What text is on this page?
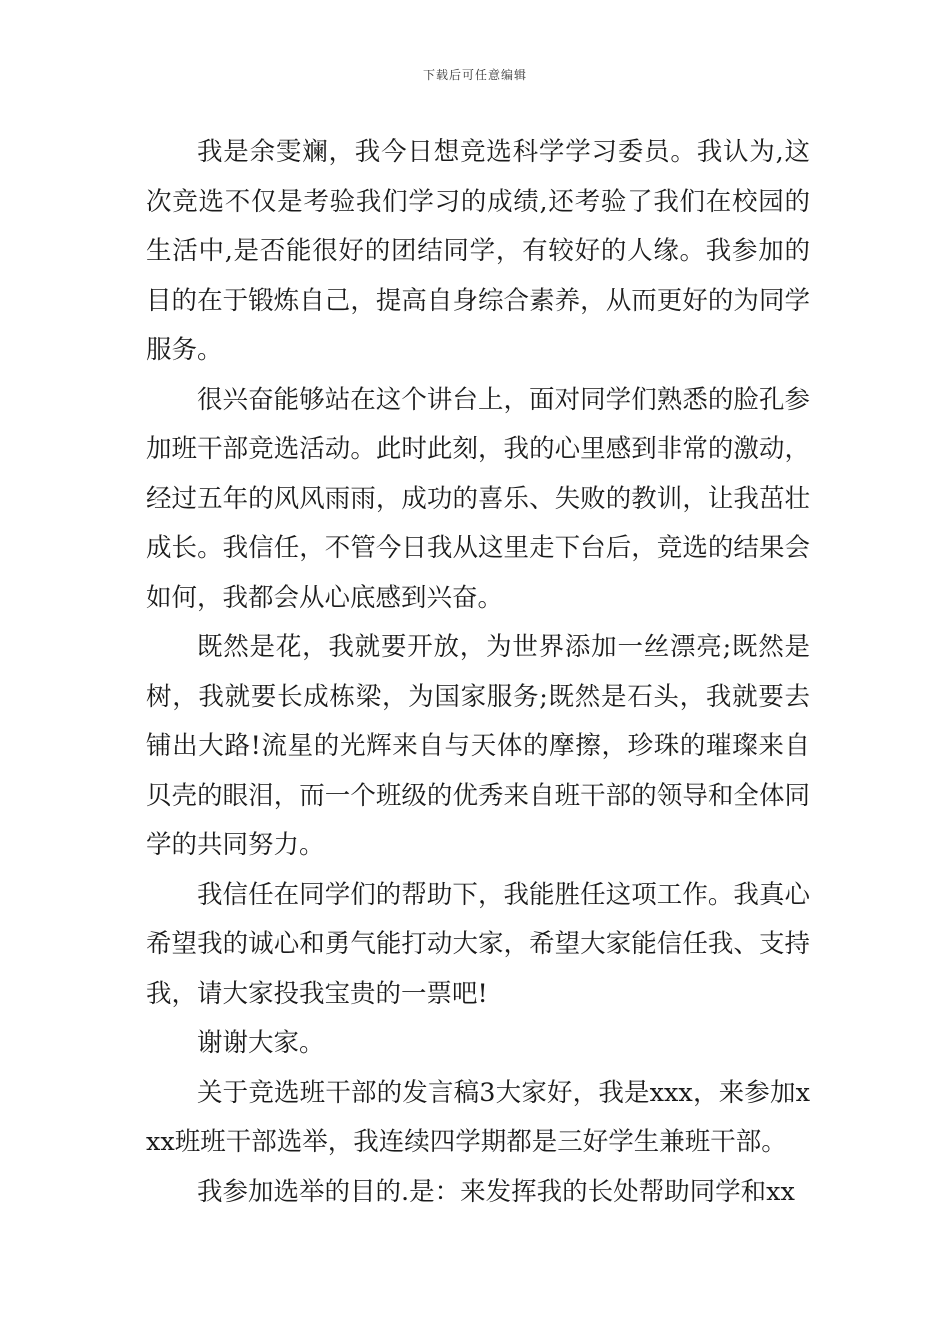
下载后可任意编辑

我是余雯斓，我今日想竞选科学学习委员。我认为,这次竞选不仅是考验我们学习的成绩,还考验了我们在校园的生活中,是否能很好的团结同学，有较好的人缘。我参加的目的在于锻炼自己，提高自身综合素养，从而更好的为同学服务。

很兴奋能够站在这个讲台上，面对同学们熟悉的脸孔参加班干部竞选活动。此时此刻，我的心里感到非常的激动，经过五年的风风雨雨，成功的喜乐、失败的教训，让我茁壮成长。我信任，不管今日我从这里走下台后，竞选的结果会如何，我都会从心底感到兴奋。

既然是花，我就要开放，为世界添加一丝漂亮;既然是树，我就要长成栋梁，为国家服务;既然是石头，我就要去铺出大路!流星的光辉来自与天体的摩擦，珍珠的璀璨来自贝壳的眼泪，而一个班级的优秀来自班干部的领导和全体同学的共同努力。

我信任在同学们的帮助下，我能胜任这项工作。我真心希望我的诚心和勇气能打动大家，希望大家能信任我、支持我，请大家投我宝贵的一票吧!

谢谢大家。

关于竞选班干部的发言稿3大家好，我是xxx，来参加xxx班班干部选举，我连续四学期都是三好学生兼班干部。

我参加选举的目的.是：来发挥我的长处帮助同学和xx
